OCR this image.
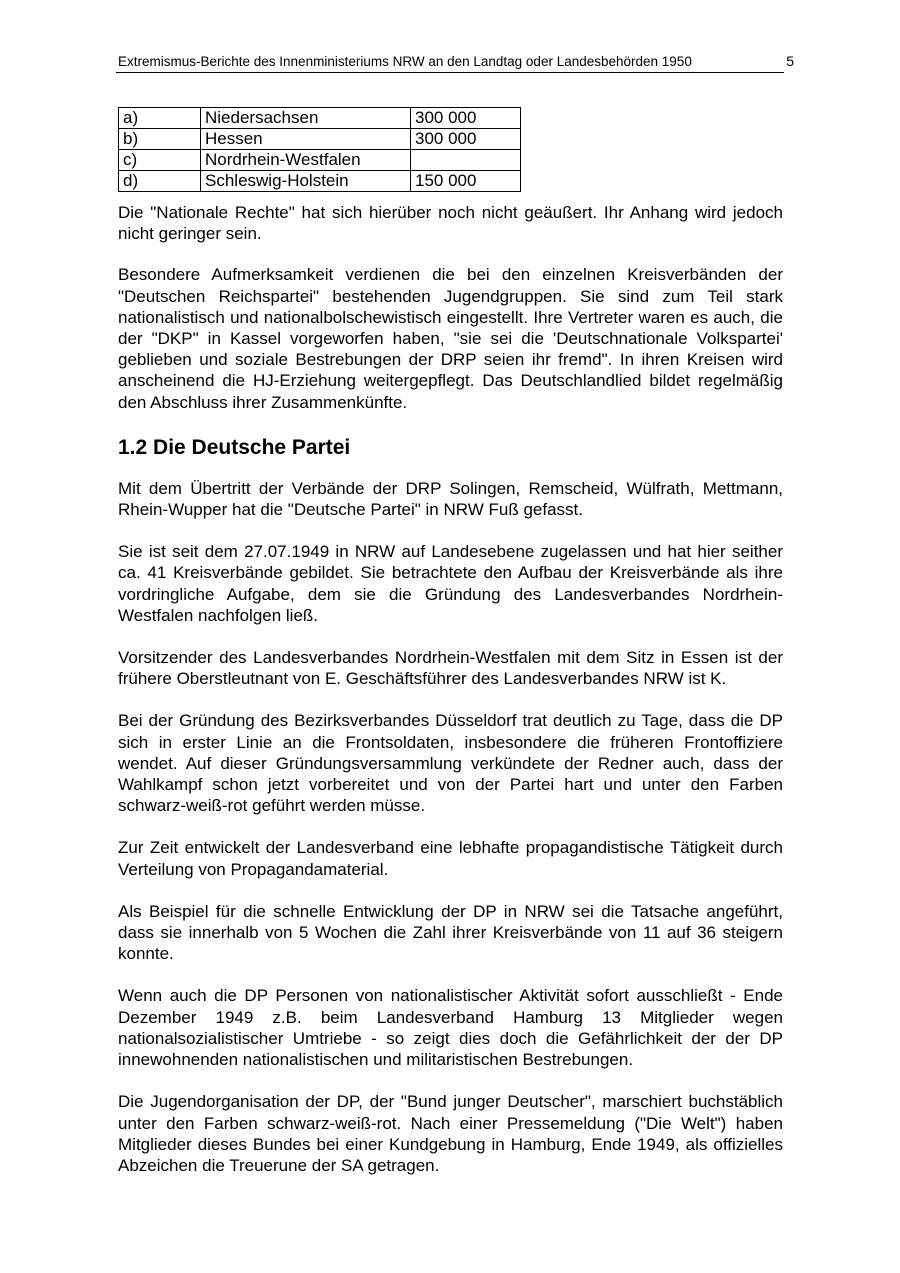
Extremismus-Berichte des Innenministeriums NRW an den Landtag oder Landesbehörden 1950	5
a)	Niedersachsen	300 000
b)	Hessen	300 000
c)	Nordrhein-Westfalen	
d)	Schleswig-Holstein	150 000

Die "Nationale Rechte" hat sich hierüber noch nicht geäußert. Ihr Anhang wird jedoch nicht geringer sein.

Besondere Aufmerksamkeit verdienen die bei den einzelnen Kreisverbänden der "Deutschen Reichspartei" bestehenden Jugendgruppen. Sie sind zum Teil stark nationalistisch und nationalbolschewistisch eingestellt. Ihre Vertreter waren es auch, die der "DKP" in Kassel vorgeworfen haben, "sie sei die 'Deutschnationale Volkspartei' geblieben und soziale Bestrebungen der DRP seien ihr fremd". In ihren Kreisen wird anscheinend die HJ-Erziehung weitergepflegt. Das Deutschlandlied bildet regelmäßig den Abschluss ihrer Zusammenkünfte.

1.2 Die Deutsche Partei

Mit dem Übertritt der Verbände der DRP Solingen, Remscheid, Wülfrath, Mettmann, Rhein-Wupper hat die "Deutsche Partei" in NRW Fuß gefasst.

Sie ist seit dem 27.07.1949 in NRW auf Landesebene zugelassen und hat hier seither ca. 41 Kreisverbände gebildet. Sie betrachtete den Aufbau der Kreisverbände als ihre vordringliche Aufgabe, dem sie die Gründung des Landesverbandes Nordrhein-Westfalen nachfolgen ließ.

Vorsitzender des Landesverbandes Nordrhein-Westfalen mit dem Sitz in Essen ist der frühere Oberstleutnant von E. Geschäftsführer des Landesverbandes NRW ist K.

Bei der Gründung des Bezirksverbandes Düsseldorf trat deutlich zu Tage, dass die DP sich in erster Linie an die Frontsoldaten, insbesondere die früheren Frontoffiziere wendet. Auf dieser Gründungsversammlung verkündete der Redner auch, dass der Wahlkampf schon jetzt vorbereitet und von der Partei hart und unter den Farben schwarz-weiß-rot geführt werden müsse.

Zur Zeit entwickelt der Landesverband eine lebhafte propagandistische Tätigkeit durch Verteilung von Propagandamaterial.

Als Beispiel für die schnelle Entwicklung der DP in NRW sei die Tatsache angeführt, dass sie innerhalb von 5 Wochen die Zahl ihrer Kreisverbände von 11 auf 36 steigern konnte.

Wenn auch die DP Personen von nationalistischer Aktivität sofort ausschließt - Ende Dezember 1949 z.B. beim Landesverband Hamburg 13 Mitglieder wegen nationalsozialistischer Umtriebe - so zeigt dies doch die Gefährlichkeit der der DP innewohnenden nationalistischen und militaristischen Bestrebungen.

Die Jugendorganisation der DP, der "Bund junger Deutscher", marschiert buchstäblich unter den Farben schwarz-weiß-rot. Nach einer Pressemeldung ("Die Welt") haben Mitglieder dieses Bundes bei einer Kundgebung in Hamburg, Ende 1949, als offizielles Abzeichen die Treuerune der SA getragen.
